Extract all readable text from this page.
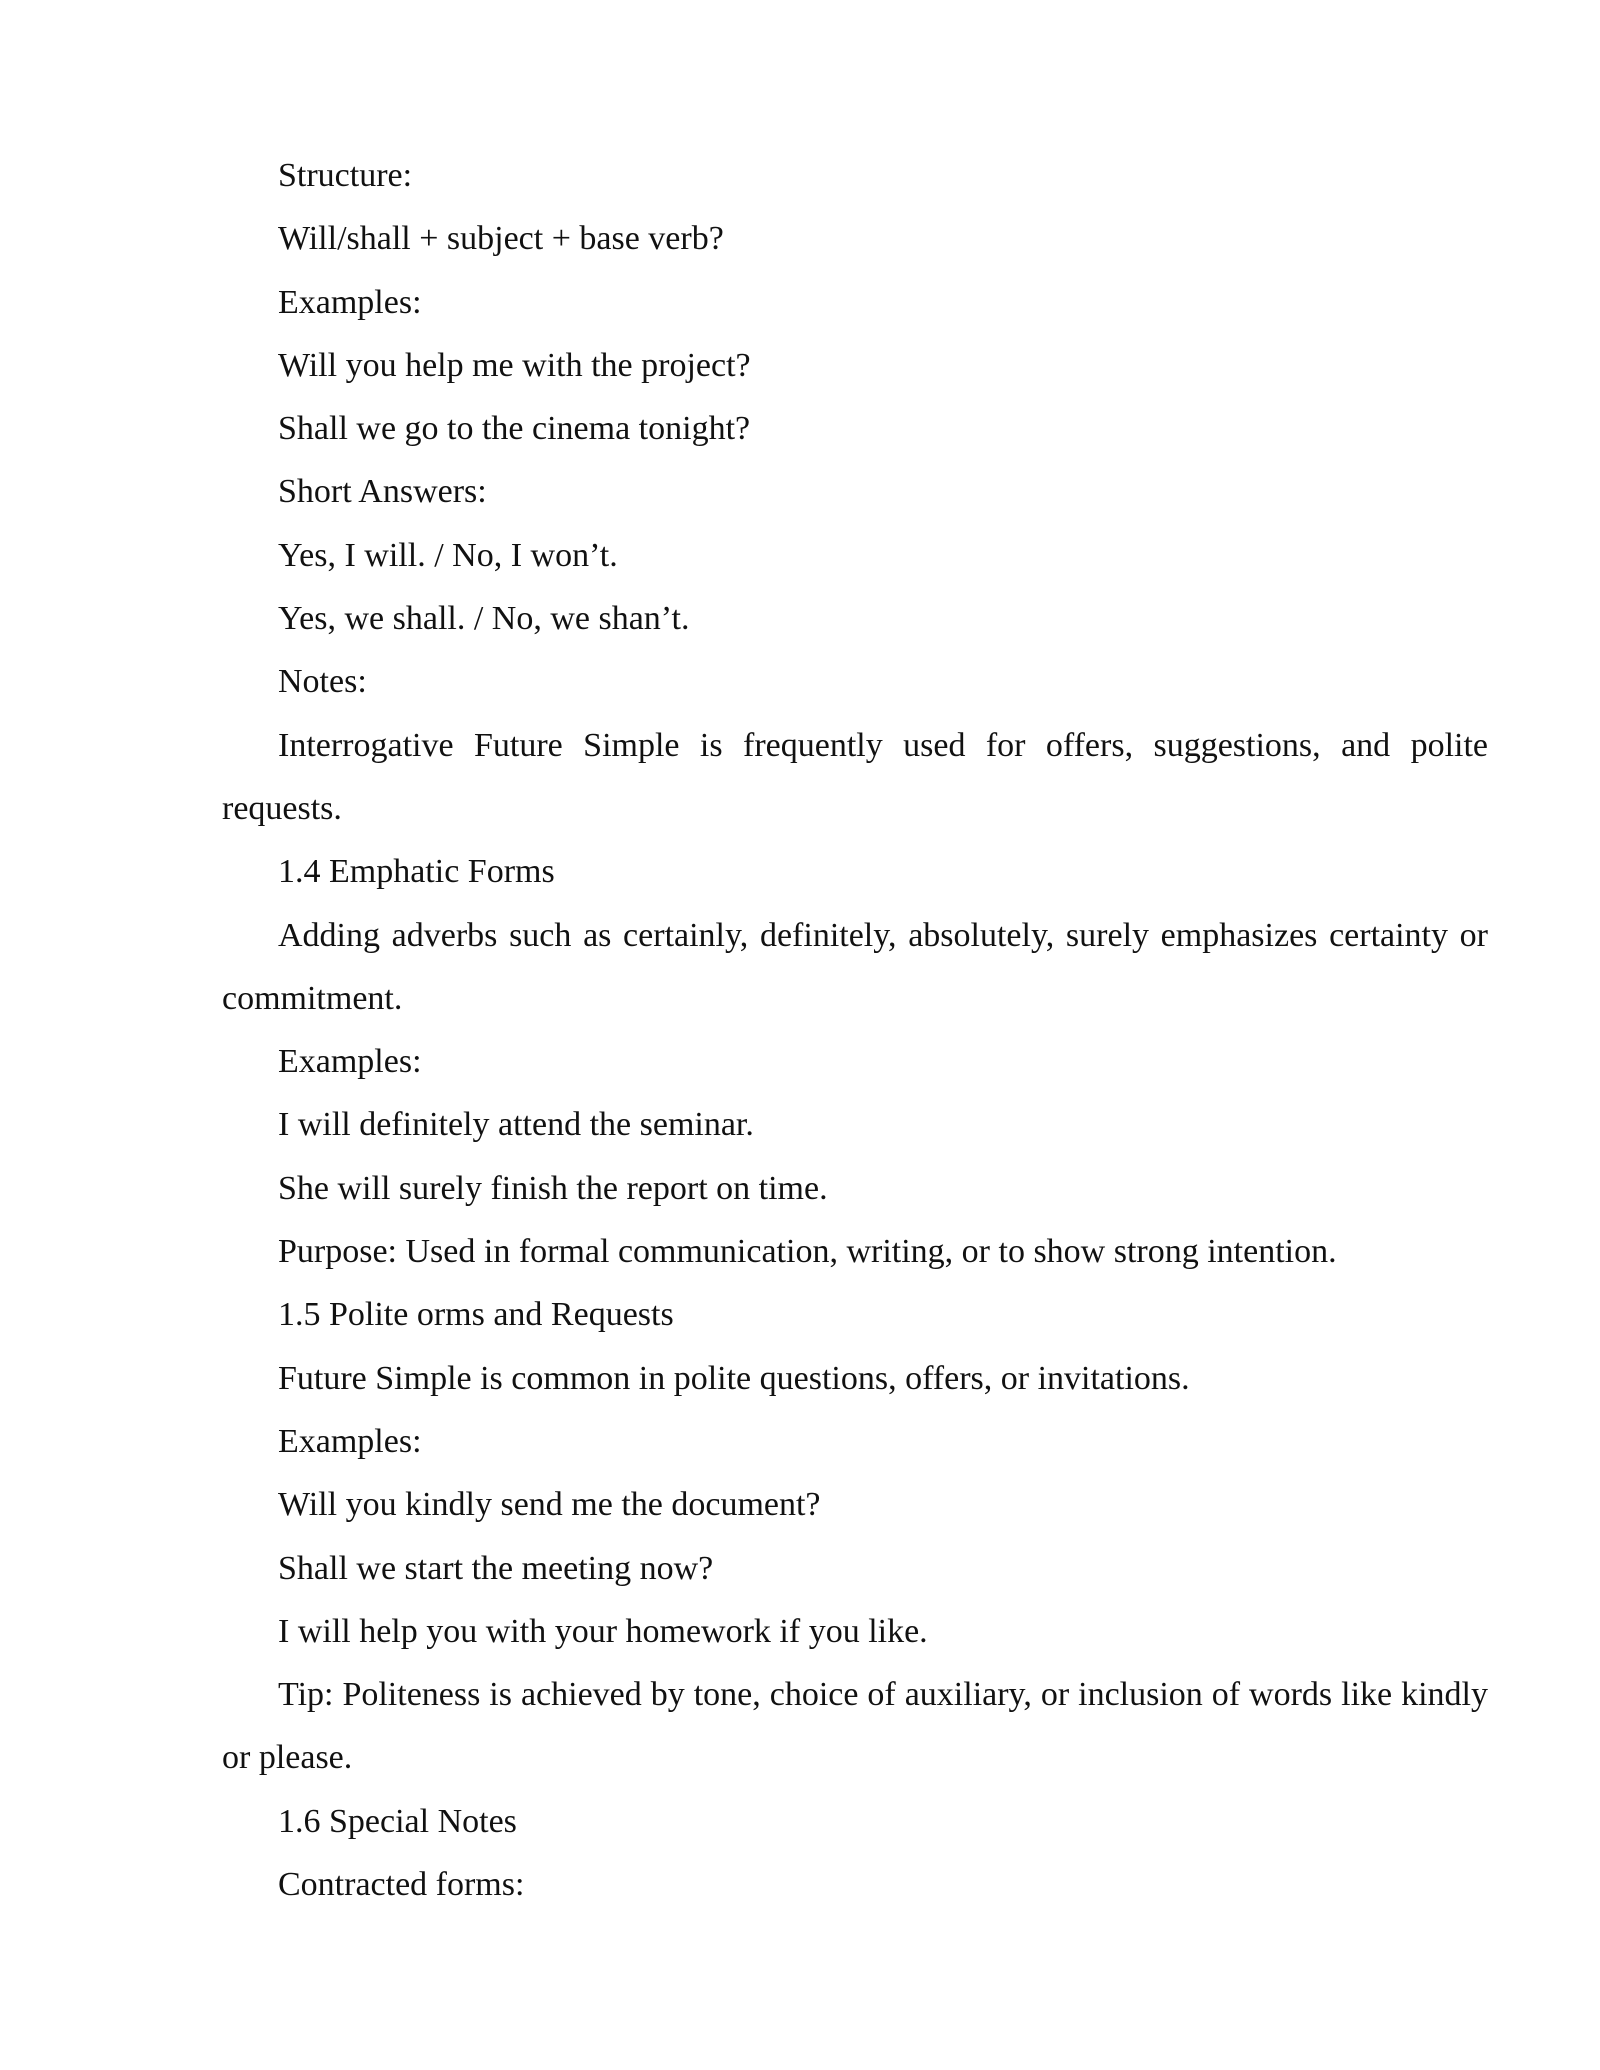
Structure:

Will/shall + subject + base verb?

Examples:

Will you help me with the project?

Shall we go to the cinema tonight?

Short Answers:

Yes, I will. / No, I won’t.

Yes, we shall. / No, we shan’t.

Notes:

Interrogative Future Simple is frequently used for offers, suggestions, and polite requests.

1.4 Emphatic Forms

Adding adverbs such as certainly, definitely, absolutely, surely emphasizes certainty or commitment.

Examples:

I will definitely attend the seminar.

She will surely finish the report on time.

Purpose: Used in formal communication, writing, or to show strong intention.

1.5 Polite orms and Requests

Future Simple is common in polite questions, offers, or invitations.

Examples:

Will you kindly send me the document?

Shall we start the meeting now?

I will help you with your homework if you like.

Tip: Politeness is achieved by tone, choice of auxiliary, or inclusion of words like kindly or please.

1.6 Special Notes

Contracted forms:
